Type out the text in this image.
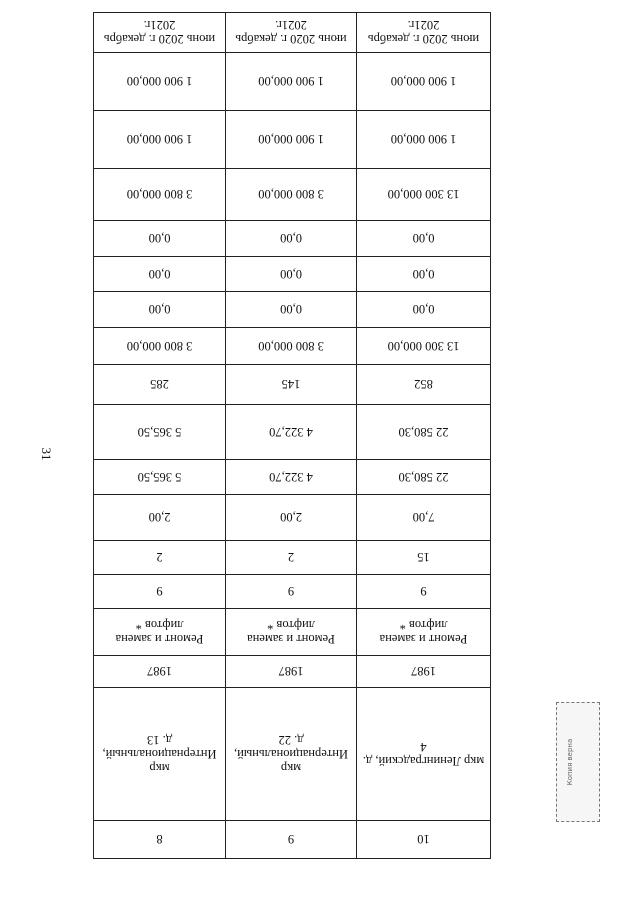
31
10	9	8
мкр Ленинградский, д. 4	мкр Интернациональный, д. 22	мкр Интернациональный, д. 13
1987	1987	1987
Ремонт и замена лифтов *	Ремонт и замена лифтов *	Ремонт и замена лифтов *
9	9	9
15	2	2
7,00	2,00	2,00
22 580,30	4 322,70	5 365,50
22 580,30	4 322,70	5 365,50
852	145	285
13 300 000,00	3 800 000,00	3 800 000,00
0,00	0,00	0,00
0,00	0,00	0,00
0,00	0,00	0,00
13 300 000,00	3 800 000,00	3 800 000,00
1 900 000,00	1 900 000,00	1 900 000,00
1 900 000,00	1 900 000,00	1 900 000,00
июнь 2020 г. декабрь 2021г.	июнь 2020 г. декабрь 2021г.	июнь 2020 г. декабрь 2021г.
Копия верна
